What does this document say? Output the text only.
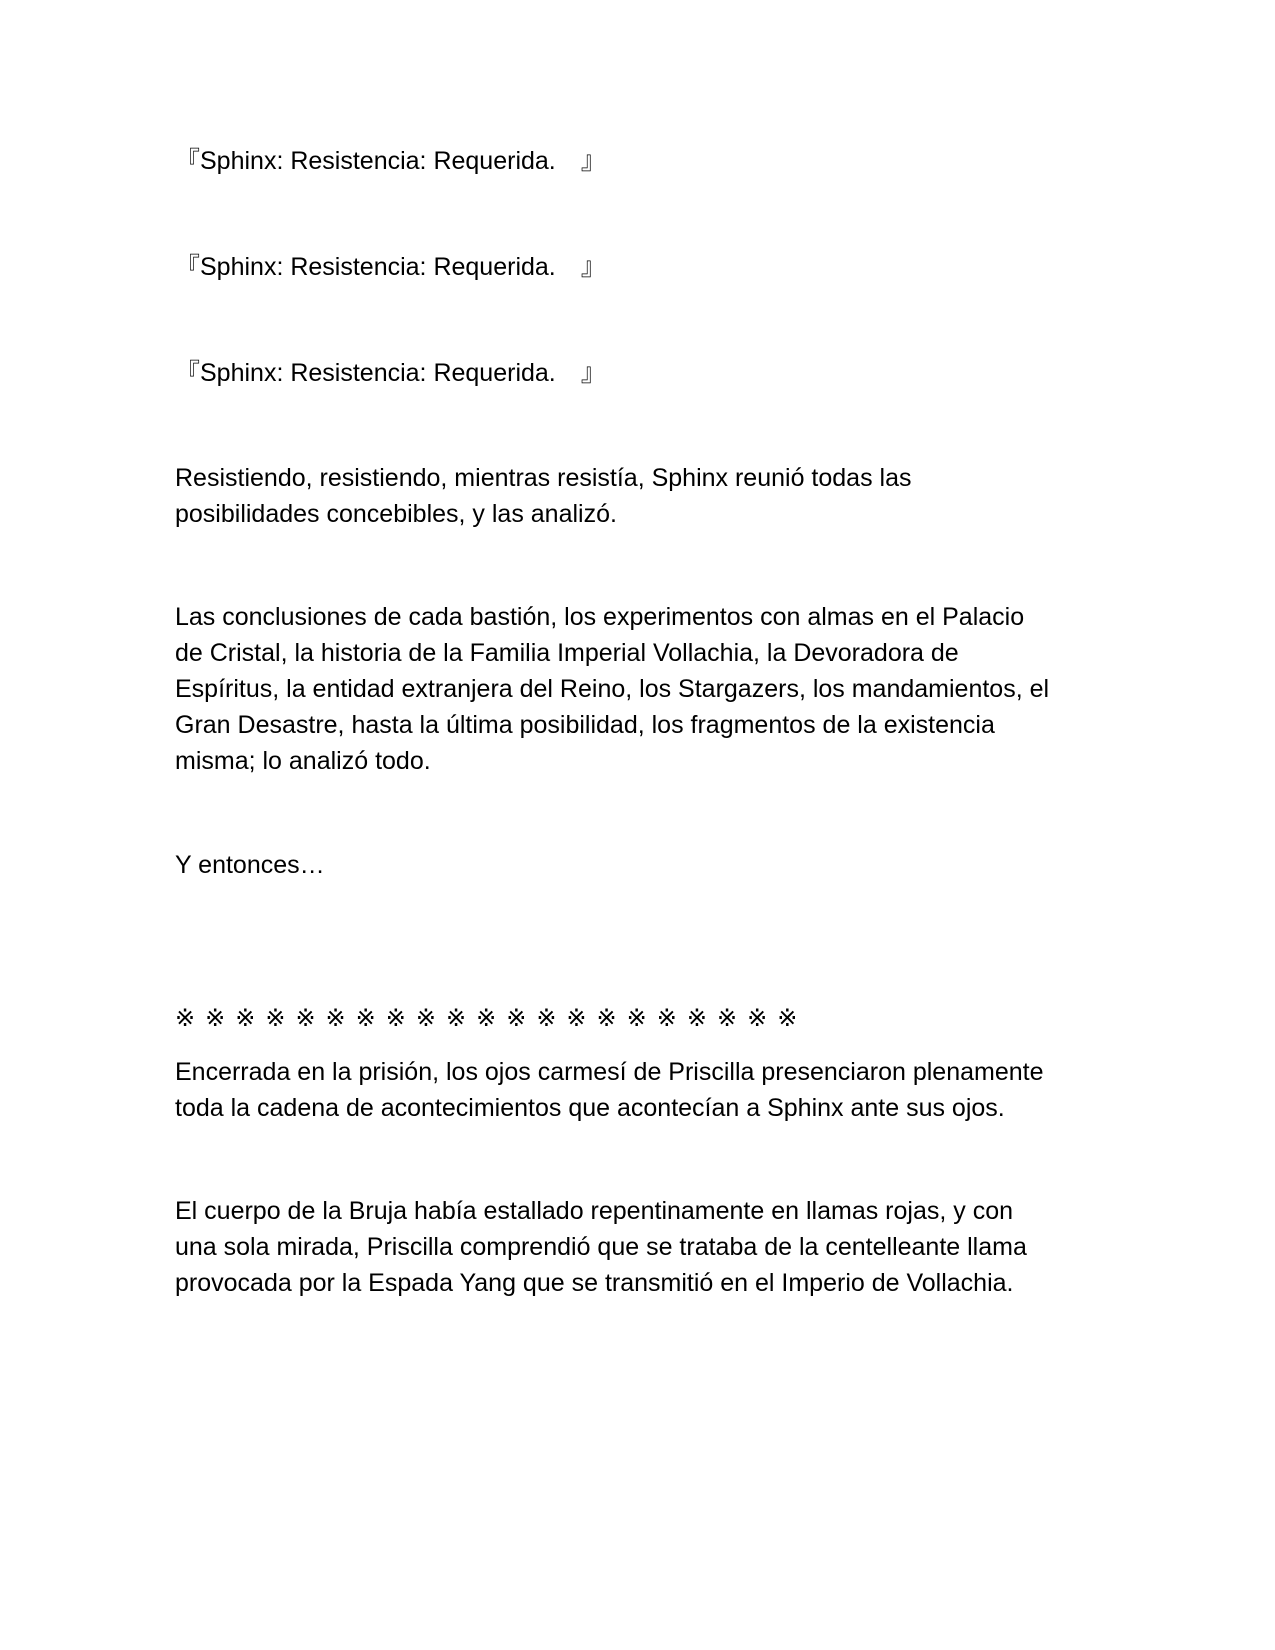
『Sphinx: Resistencia: Requerida.　』

『Sphinx: Resistencia: Requerida.　』

『Sphinx: Resistencia: Requerida.　』

Resistiendo, resistiendo, mientras resistía, Sphinx reunió todas las
posibilidades concebibles, y las analizó.
Las conclusiones de cada bastión, los experimentos con almas en el Palacio
de Cristal, la historia de la Familia Imperial Vollachia, la Devoradora de
Espíritus, la entidad extranjera del Reino, los Stargazers, los mandamientos, el
Gran Desastre, hasta la última posibilidad, los fragmentos de la existencia
misma; lo analizó todo.

Y entonces…

※※※※※※※※※※※※※※※※※※※※※

Encerrada en la prisión, los ojos carmesí de Priscilla presenciaron plenamente
toda la cadena de acontecimientos que acontecían a Sphinx ante sus ojos.
El cuerpo de la Bruja había estallado repentinamente en llamas rojas, y con
una sola mirada, Priscilla comprendió que se trataba de la centelleante llama
provocada por la Espada Yang que se transmitió en el Imperio de Vollachia.
